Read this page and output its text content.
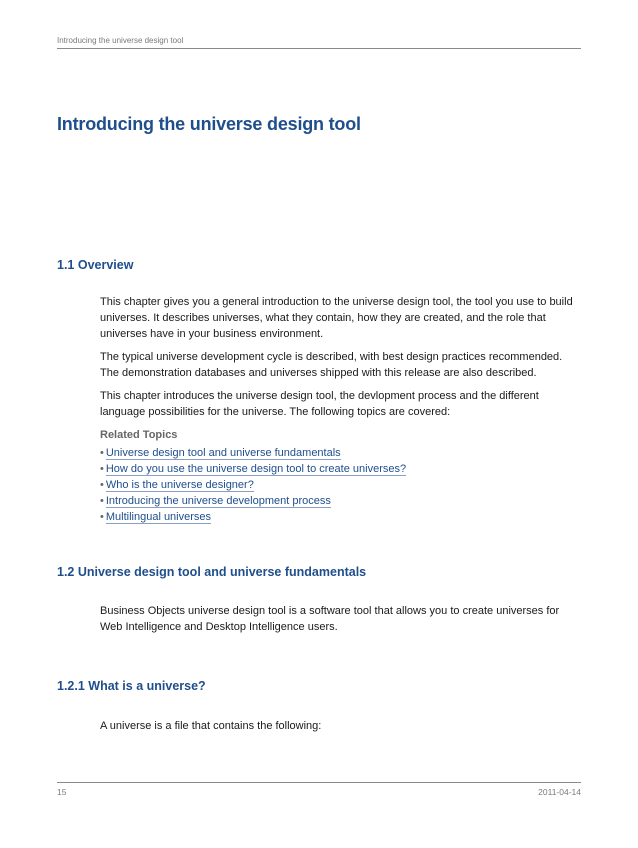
Introducing the universe design tool
Introducing the universe design tool
1.1 Overview

This chapter gives you a general introduction to the universe design tool, the tool you use to build universes. It describes universes, what they contain, how they are created, and the role that universes have in your business environment.

The typical universe development cycle is described, with best design practices recommended. The demonstration databases and universes shipped with this release are also described.

This chapter introduces the universe design tool, the devlopment process and the different language possibilities for the universe. The following topics are covered:

Related Topics
• Universe design tool and universe fundamentals
• How do you use the universe design tool to create universes?
• Who is the universe designer?
• Introducing the universe development process
• Multilingual universes
1.2 Universe design tool and universe fundamentals

Business Objects universe design tool is a software tool that allows you to create universes for Web Intelligence and Desktop Intelligence users.

1.2.1 What is a universe?

A universe is a file that contains the following:

15	2011-04-14
